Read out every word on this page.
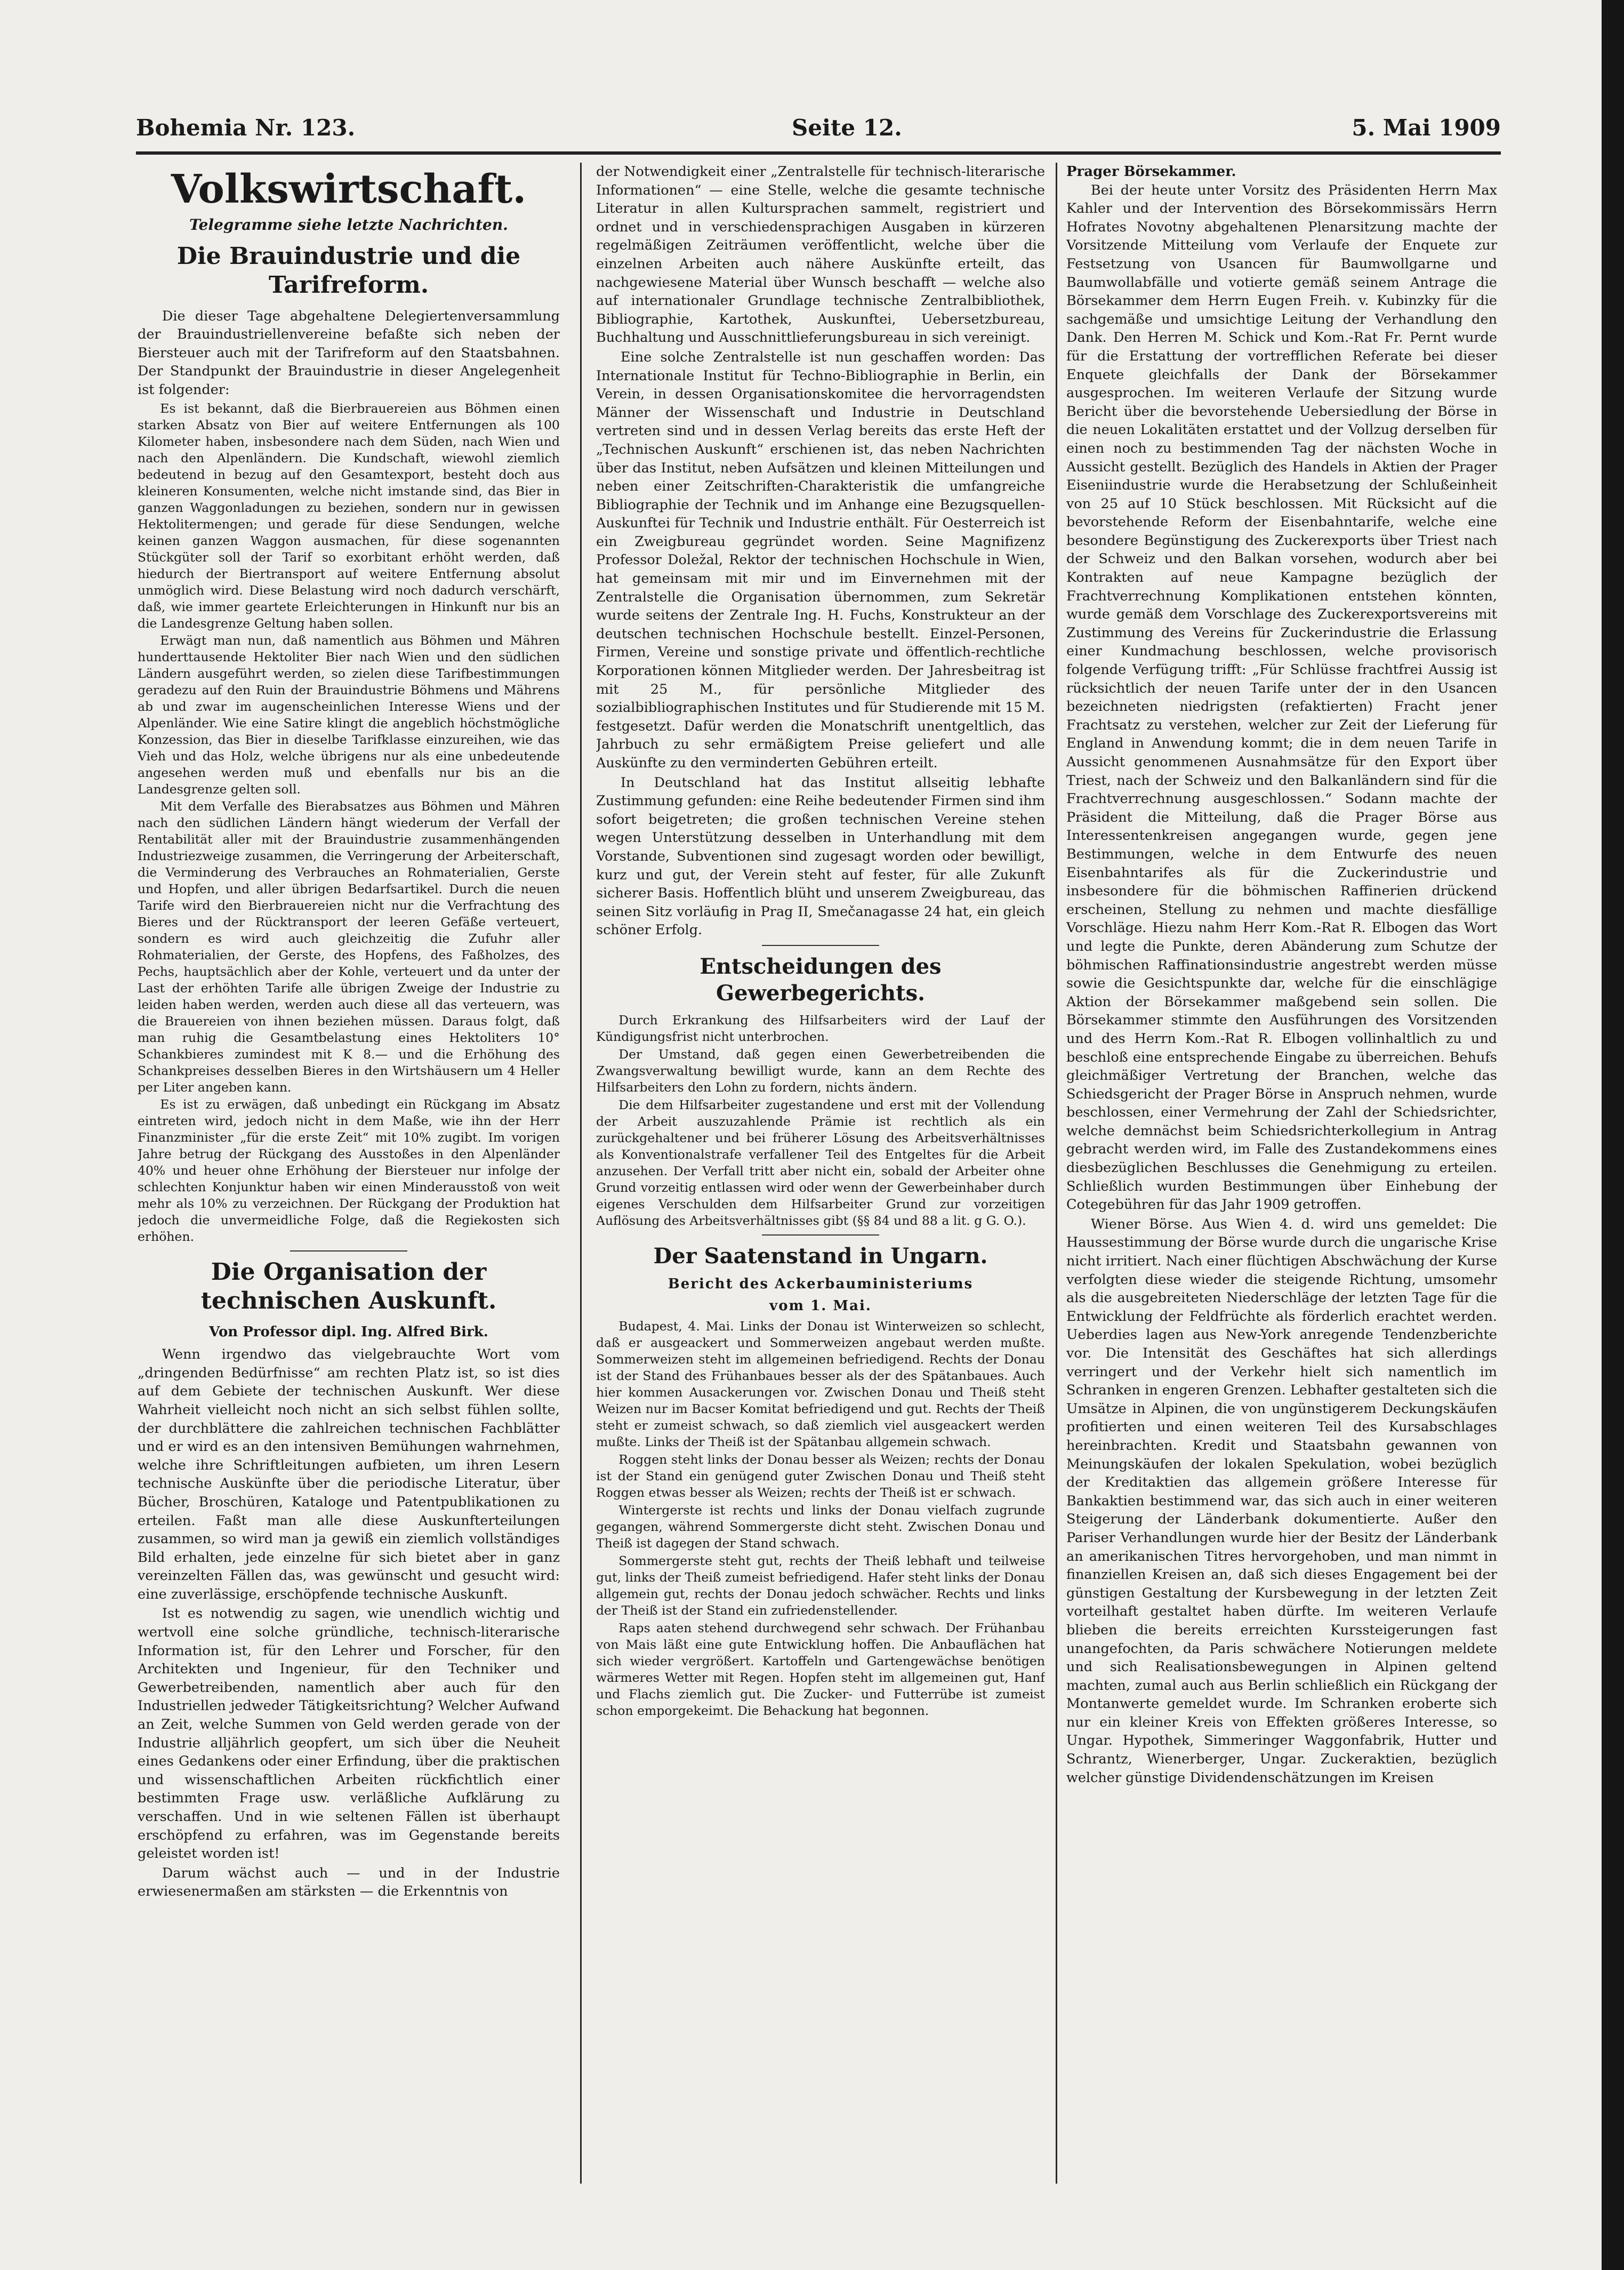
Bohemia Nr. 123.	Seite 12.	5. Mai 1909
Volkswirtschaft.
Telegramme siehe letzte Nachrichten.
Die Brauindustrie und die Tarifreform.

Die dieser Tage abgehaltene Delegiertenversammlung der Brauindustriellenvereine befaßte sich neben der Biersteuer auch mit der Tarifreform auf den Staatsbahnen. Der Standpunkt der Brauindustrie in dieser Angelegenheit ist folgender:

Es ist bekannt, daß die Bierbrauereien aus Böhmen einen starken Absatz von Bier auf weitere Entfernungen als 100 Kilometer haben, insbesondere nach dem Süden, nach Wien und nach den Alpenländern. Die Kundschaft, wiewohl ziemlich bedeutend in bezug auf den Gesamtexport, besteht doch aus kleineren Konsumenten, welche nicht imstande sind, das Bier in ganzen Waggonladungen zu beziehen, sondern nur in gewissen Hektolitermengen; und gerade für diese Sendungen, welche keinen ganzen Waggon ausmachen, für diese sogenannten Stückgüter soll der Tarif so exorbitant erhöht werden, daß hiedurch der Biertransport auf weitere Entfernung absolut unmöglich wird. Diese Belastung wird noch dadurch verschärft, daß, wie immer geartete Erleichterungen in Hinkunft nur bis an die Landesgrenze Geltung haben sollen.

Erwägt man nun, daß namentlich aus Böhmen und Mähren hunderttausende Hektoliter Bier nach Wien und den südlichen Ländern ausgeführt werden, so zielen diese Tarifbestimmungen geradezu auf den Ruin der Brauindustrie Böhmens und Mährens ab und zwar im augenscheinlichen Interesse Wiens und der Alpenländer. Wie eine Satire klingt die angeblich höchstmögliche Konzession, das Bier in dieselbe Tarifklasse einzureihen, wie das Vieh und das Holz, welche übrigens nur als eine unbedeutende angesehen werden muß und ebenfalls nur bis an die Landesgrenze gelten soll.

Mit dem Verfalle des Bierabsatzes aus Böhmen und Mähren nach den südlichen Ländern hängt wiederum der Verfall der Rentabilität aller mit der Brauindustrie zusammenhängenden Industriezweige zusammen, die Verringerung der Arbeiterschaft, die Verminderung des Verbrauches an Rohmaterialien, Gerste und Hopfen, und aller übrigen Bedarfsartikel. Durch die neuen Tarife wird den Bierbrauereien nicht nur die Verfrachtung des Bieres und der Rücktransport der leeren Gefäße verteuert, sondern es wird auch gleichzeitig die Zufuhr aller Rohmaterialien, der Gerste, des Hopfens, des Faßholzes, des Pechs, hauptsächlich aber der Kohle, verteuert und da unter der Last der erhöhten Tarife alle übrigen Zweige der Industrie zu leiden haben werden, werden auch diese all das verteuern, was die Brauereien von ihnen beziehen müssen. Daraus folgt, daß man ruhig die Gesamtbelastung eines Hektoliters 10° Schankbieres zumindest mit K 8.— und die Erhöhung des Schankpreises desselben Bieres in den Wirtshäusern um 4 Heller per Liter angeben kann.

Es ist zu erwägen, daß unbedingt ein Rückgang im Absatz eintreten wird, jedoch nicht in dem Maße, wie ihn der Herr Finanzminister „für die erste Zeit“ mit 10% zugibt. Im vorigen Jahre betrug der Rückgang des Ausstoßes in den Alpenländer 40% und heuer ohne Erhöhung der Biersteuer nur infolge der schlechten Konjunktur haben wir einen Minderausstoß von weit mehr als 10% zu verzeichnen. Der Rückgang der Produktion hat jedoch die unvermeidliche Folge, daß die Regiekosten sich erhöhen.

Die Organisation der technischen Auskunft.
Von Professor dipl. Ing. Alfred Birk.

Wenn irgendwo das vielgebrauchte Wort vom „dringenden Bedürfnisse“ am rechten Platz ist, so ist dies auf dem Gebiete der technischen Auskunft. Wer diese Wahrheit vielleicht noch nicht an sich selbst fühlen sollte, der durchblättere die zahlreichen technischen Fachblätter und er wird es an den intensiven Bemühungen wahrnehmen, welche ihre Schriftleitungen aufbieten, um ihren Lesern technische Auskünfte über die periodische Literatur, über Bücher, Broschüren, Kataloge und Patentpublikationen zu erteilen. Faßt man alle diese Auskunfterteilungen zusammen, so wird man ja gewiß ein ziemlich vollständiges Bild erhalten, jede einzelne für sich bietet aber in ganz vereinzelten Fällen das, was gewünscht und gesucht wird: eine zuverlässige, erschöpfende technische Auskunft.

Ist es notwendig zu sagen, wie unendlich wichtig und wertvoll eine solche gründliche, technisch-literarische Information ist, für den Lehrer und Forscher, für den Architekten und Ingenieur, für den Techniker und Gewerbetreibenden, namentlich aber auch für den Industriellen jedweder Tätigkeitsrichtung? Welcher Aufwand an Zeit, welche Summen von Geld werden gerade von der Industrie alljährlich geopfert, um sich über die Neuheit eines Gedankens oder einer Erfindung, über die praktischen und wissenschaftlichen Arbeiten rückfichtlich einer bestimmten Frage usw. verläßliche Aufklärung zu verschaffen. Und in wie seltenen Fällen ist überhaupt erschöpfend zu erfahren, was im Gegenstande bereits geleistet worden ist!

Darum wächst auch — und in der Industrie erwiesenermaßen am stärksten — die Erkenntnis von

der Notwendigkeit einer „Zentralstelle für technisch-literarische Informationen“ — eine Stelle, welche die gesamte technische Literatur in allen Kultursprachen sammelt, registriert und ordnet und in verschiedensprachigen Ausgaben in kürzeren regelmäßigen Zeiträumen veröffentlicht, welche über die einzelnen Arbeiten auch nähere Auskünfte erteilt, das nachgewiesene Material über Wunsch beschafft — welche also auf internationaler Grundlage technische Zentralbibliothek, Bibliographie, Kartothek, Auskunftei, Uebersetzbureau, Buchhaltung und Ausschnittlieferungsbureau in sich vereinigt.

Eine solche Zentralstelle ist nun geschaffen worden: Das Internationale Institut für Techno-Bibliographie in Berlin, ein Verein, in dessen Organisationskomitee die hervorragendsten Männer der Wissenschaft und Industrie in Deutschland vertreten sind und in dessen Verlag bereits das erste Heft der „Technischen Auskunft“ erschienen ist, das neben Nachrichten über das Institut, neben Aufsätzen und kleinen Mitteilungen und neben einer Zeitschriften-Charakteristik die umfangreiche Bibliographie der Technik und im Anhange eine Bezugsquellen-Auskunftei für Technik und Industrie enthält. Für Oesterreich ist ein Zweigbureau gegründet worden. Seine Magnifizenz Professor Doležal, Rektor der technischen Hochschule in Wien, hat gemeinsam mit mir und im Einvernehmen mit der Zentralstelle die Organisation übernommen, zum Sekretär wurde seitens der Zentrale Ing. H. Fuchs, Konstrukteur an der deutschen technischen Hochschule bestellt. Einzel-Personen, Firmen, Vereine und sonstige private und öffentlich-rechtliche Korporationen können Mitglieder werden. Der Jahresbeitrag ist mit 25 M., für persönliche Mitglieder des sozialbibliographischen Institutes und für Studierende mit 15 M. festgesetzt. Dafür werden die Monatschrift unentgeltlich, das Jahrbuch zu sehr ermäßigtem Preise geliefert und alle Auskünfte zu den verminderten Gebühren erteilt.

In Deutschland hat das Institut allseitig lebhafte Zustimmung gefunden: eine Reihe bedeutender Firmen sind ihm sofort beigetreten; die großen technischen Vereine stehen wegen Unterstützung desselben in Unterhandlung mit dem Vorstande, Subventionen sind zugesagt worden oder bewilligt, kurz und gut, der Verein steht auf fester, für alle Zukunft sicherer Basis. Hoffentlich blüht und unserem Zweigbureau, das seinen Sitz vorläufig in Prag II, Smečanagasse 24 hat, ein gleich schöner Erfolg.

Entscheidungen des Gewerbegerichts.

Durch Erkrankung des Hilfsarbeiters wird der Lauf der Kündigungsfrist nicht unterbrochen.

Der Umstand, daß gegen einen Gewerbetreibenden die Zwangsverwaltung bewilligt wurde, kann an dem Rechte des Hilfsarbeiters den Lohn zu fordern, nichts ändern.

Die dem Hilfsarbeiter zugestandene und erst mit der Vollendung der Arbeit auszuzahlende Prämie ist rechtlich als ein zurückgehaltener und bei früherer Lösung des Arbeitsverhältnisses als Konventionalstrafe verfallener Teil des Entgeltes für die Arbeit anzusehen. Der Verfall tritt aber nicht ein, sobald der Arbeiter ohne Grund vorzeitig entlassen wird oder wenn der Gewerbeinhaber durch eigenes Verschulden dem Hilfsarbeiter Grund zur vorzeitigen Auflösung des Arbeitsverhältnisses gibt (§§ 84 und 88 a lit. g G. O.).

Der Saatenstand in Ungarn.
Bericht des Ackerbauministeriums
vom 1. Mai.

Budapest, 4. Mai. Links der Donau ist Winterweizen so schlecht, daß er ausgeackert und Sommerweizen angebaut werden mußte. Sommerweizen steht im allgemeinen befriedigend. Rechts der Donau ist der Stand des Frühanbaues besser als der des Spätanbaues. Auch hier kommen Ausackerungen vor. Zwischen Donau und Theiß steht Weizen nur im Bacser Komitat befriedigend und gut. Rechts der Theiß steht er zumeist schwach, so daß ziemlich viel ausgeackert werden mußte. Links der Theiß ist der Spätanbau allgemein schwach.

Roggen steht links der Donau besser als Weizen; rechts der Donau ist der Stand ein genügend guter Zwischen Donau und Theiß steht Roggen etwas besser als Weizen; rechts der Theiß ist er schwach.

Wintergerste ist rechts und links der Donau vielfach zugrunde gegangen, während Sommergerste dicht steht. Zwischen Donau und Theiß ist dagegen der Stand schwach.

Sommergerste steht gut, rechts der Theiß lebhaft und teilweise gut, links der Theiß zumeist befriedigend. Hafer steht links der Donau allgemein gut, rechts der Donau jedoch schwächer. Rechts und links der Theiß ist der Stand ein zufriedenstellender.

Raps aaten stehend durchwegend sehr schwach. Der Frühanbau von Mais läßt eine gute Entwicklung hoffen. Die Anbauflächen hat sich wieder vergrößert. Kartoffeln und Gartengewächse benötigen wärmeres Wetter mit Regen. Hopfen steht im allgemeinen gut, Hanf und Flachs ziemlich gut. Die Zucker- und Futterrübe ist zumeist schon emporgekeimt. Die Behackung hat begonnen.

Prager Börsekammer.

Bei der heute unter Vorsitz des Präsidenten Herrn Max Kahler und der Intervention des Börsekommissärs Herrn Hofrates Novotny abgehaltenen Plenarsitzung machte der Vorsitzende Mitteilung vom Verlaufe der Enquete zur Festsetzung von Usancen für Baumwollgarne und Baumwollabfälle und votierte gemäß seinem Antrage die Börsekammer dem Herrn Eugen Freih. v. Kubinzky für die sachgemäße und umsichtige Leitung der Verhandlung den Dank. Den Herren M. Schick und Kom.-Rat Fr. Pernt wurde für die Erstattung der vortrefflichen Referate bei dieser Enquete gleichfalls der Dank der Börsekammer ausgesprochen. Im weiteren Verlaufe der Sitzung wurde Bericht über die bevorstehende Uebersiedlung der Börse in die neuen Lokalitäten erstattet und der Vollzug derselben für einen noch zu bestimmenden Tag der nächsten Woche in Aussicht gestellt. Bezüglich des Handels in Aktien der Prager Eiseniindustrie wurde die Herabsetzung der Schlußeinheit von 25 auf 10 Stück beschlossen. Mit Rücksicht auf die bevorstehende Reform der Eisenbahntarife, welche eine besondere Begünstigung des Zuckerexports über Triest nach der Schweiz und den Balkan vorsehen, wodurch aber bei Kontrakten auf neue Kampagne bezüglich der Frachtverrechnung Komplikationen entstehen könnten, wurde gemäß dem Vorschlage des Zuckerexportsvereins mit Zustimmung des Vereins für Zuckerindustrie die Erlassung einer Kundmachung beschlossen, welche provisorisch folgende Verfügung trifft: „Für Schlüsse frachtfrei Aussig ist rücksichtlich der neuen Tarife unter der in den Usancen bezeichneten niedrigsten (refaktierten) Fracht jener Frachtsatz zu verstehen, welcher zur Zeit der Lieferung für England in Anwendung kommt; die in dem neuen Tarife in Aussicht genommenen Ausnahmsätze für den Export über Triest, nach der Schweiz und den Balkanländern sind für die Frachtverrechnung ausgeschlossen.“ Sodann machte der Präsident die Mitteilung, daß die Prager Börse aus Interessentenkreisen angegangen wurde, gegen jene Bestimmungen, welche in dem Entwurfe des neuen Eisenbahntarifes als für die Zuckerindustrie und insbesondere für die böhmischen Raffinerien drückend erscheinen, Stellung zu nehmen und machte diesfällige Vorschläge. Hiezu nahm Herr Kom.-Rat R. Elbogen das Wort und legte die Punkte, deren Abänderung zum Schutze der böhmischen Raffinationsindustrie angestrebt werden müsse sowie die Gesichtspunkte dar, welche für die einschlägige Aktion der Börsekammer maßgebend sein sollen. Die Börsekammer stimmte den Ausführungen des Vorsitzenden und des Herrn Kom.-Rat R. Elbogen vollinhaltlich zu und beschloß eine entsprechende Eingabe zu überreichen. Behufs gleichmäßiger Vertretung der Branchen, welche das Schiedsgericht der Prager Börse in Anspruch nehmen, wurde beschlossen, einer Vermehrung der Zahl der Schiedsrichter, welche demnächst beim Schiedsrichterkollegium in Antrag gebracht werden wird, im Falle des Zustandekommens eines diesbezüglichen Beschlusses die Genehmigung zu erteilen. Schließlich wurden Bestimmungen über Einhebung der Cotegebühren für das Jahr 1909 getroffen.

Wiener Börse. Aus Wien 4. d. wird uns gemeldet: Die Haussestimmung der Börse wurde durch die ungarische Krise nicht irritiert. Nach einer flüchtigen Abschwächung der Kurse verfolgten diese wieder die steigende Richtung, umsomehr als die ausgebreiteten Niederschläge der letzten Tage für die Entwicklung der Feldfrüchte als förderlich erachtet werden. Ueberdies lagen aus New-York anregende Tendenzberichte vor. Die Intensität des Geschäftes hat sich allerdings verringert und der Verkehr hielt sich namentlich im Schranken in engeren Grenzen. Lebhafter gestalteten sich die Umsätze in Alpinen, die von ungünstigerem Deckungskäufen profitierten und einen weiteren Teil des Kursabschlages hereinbrachten. Kredit und Staatsbahn gewannen von Meinungskäufen der lokalen Spekulation, wobei bezüglich der Kreditaktien das allgemein größere Interesse für Bankaktien bestimmend war, das sich auch in einer weiteren Steigerung der Länderbank dokumentierte. Außer den Pariser Verhandlungen wurde hier der Besitz der Länderbank an amerikanischen Titres hervorgehoben, und man nimmt in finanziellen Kreisen an, daß sich dieses Engagement bei der günstigen Gestaltung der Kursbewegung in der letzten Zeit vorteilhaft gestaltet haben dürfte. Im weiteren Verlaufe blieben die bereits erreichten Kurssteigerungen fast unangefochten, da Paris schwächere Notierungen meldete und sich Realisationsbewegungen in Alpinen geltend machten, zumal auch aus Berlin schließlich ein Rückgang der Montanwerte gemeldet wurde. Im Schranken eroberte sich nur ein kleiner Kreis von Effekten größeres Interesse, so Ungar. Hypothek, Simmeringer Waggonfabrik, Hutter und Schrantz, Wienerberger, Ungar. Zuckeraktien, bezüglich welcher günstige Dividendenschätzungen im Kreisen
